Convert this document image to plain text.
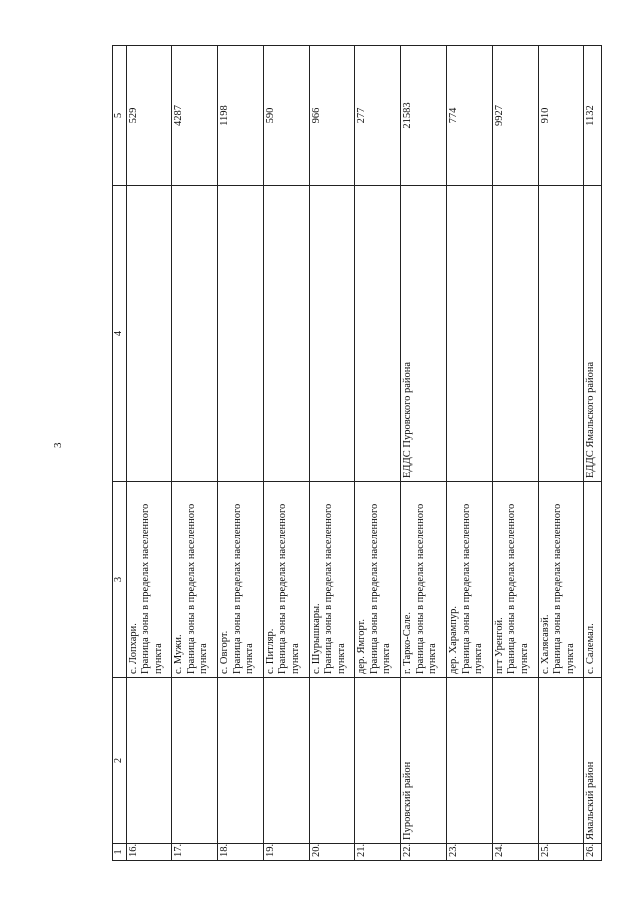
3
1	2	3	4	5
16.		с. Лопхари. Граница зоны в пределах населенного пункта		529
17.		с. Мужи. Граница зоны в пределах населенного пункта		4287
18.		с. Овгорт. Граница зоны в пределах населенного пункта		1198
19.		с. Питляр. Граница зоны в пределах населенного пункта		590
20.		с. Шурышкары. Граница зоны в пределах населенного пункта		966
21.		дер. Ямгорт. Граница зоны в пределах населенного пункта		277
22.	Пуровский район	г. Тарко-Сале. Граница зоны в пределах населенного пункта	ЕДДС Пуровского района	21583
23.		дер. Харампур. Граница зоны в пределах населенного пункта		774
24.		пгт Уренгой. Граница зоны в пределах населенного пункта		9927
25.		с. Халясавэй. Граница зоны в пределах населенного пункта		910
26.	Ямальский район	с. Салемал.	ЕДДС Ямальского района	1132
